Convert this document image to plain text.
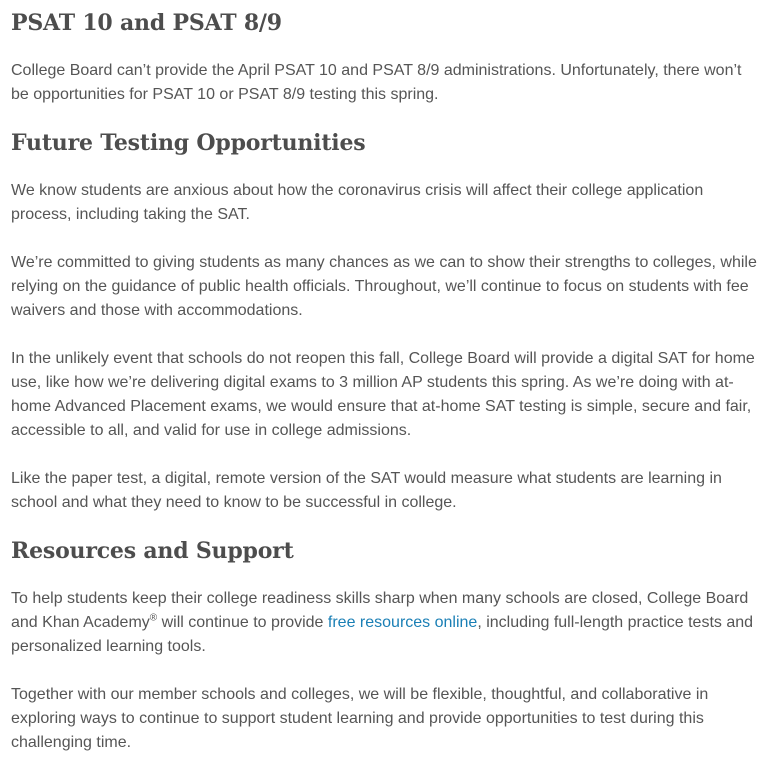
PSAT 10 and PSAT 8/9

College Board can’t provide the April PSAT 10 and PSAT 8/9 administrations. Unfortunately, there won’t be opportunities for PSAT 10 or PSAT 8/9 testing this spring.

Future Testing Opportunities

We know students are anxious about how the coronavirus crisis will affect their college application process, including taking the SAT.

We’re committed to giving students as many chances as we can to show their strengths to colleges, while relying on the guidance of public health officials. Throughout, we’ll continue to focus on students with fee waivers and those with accommodations.

In the unlikely event that schools do not reopen this fall, College Board will provide a digital SAT for home use, like how we’re delivering digital exams to 3 million AP students this spring. As we’re doing with at-home Advanced Placement exams, we would ensure that at-home SAT testing is simple, secure and fair, accessible to all, and valid for use in college admissions.

Like the paper test, a digital, remote version of the SAT would measure what students are learning in school and what they need to know to be successful in college.

Resources and Support

To help students keep their college readiness skills sharp when many schools are closed, College Board and Khan Academy® will continue to provide free resources online, including full-length practice tests and personalized learning tools.

Together with our member schools and colleges, we will be flexible, thoughtful, and collaborative in exploring ways to continue to support student learning and provide opportunities to test during this challenging time.
